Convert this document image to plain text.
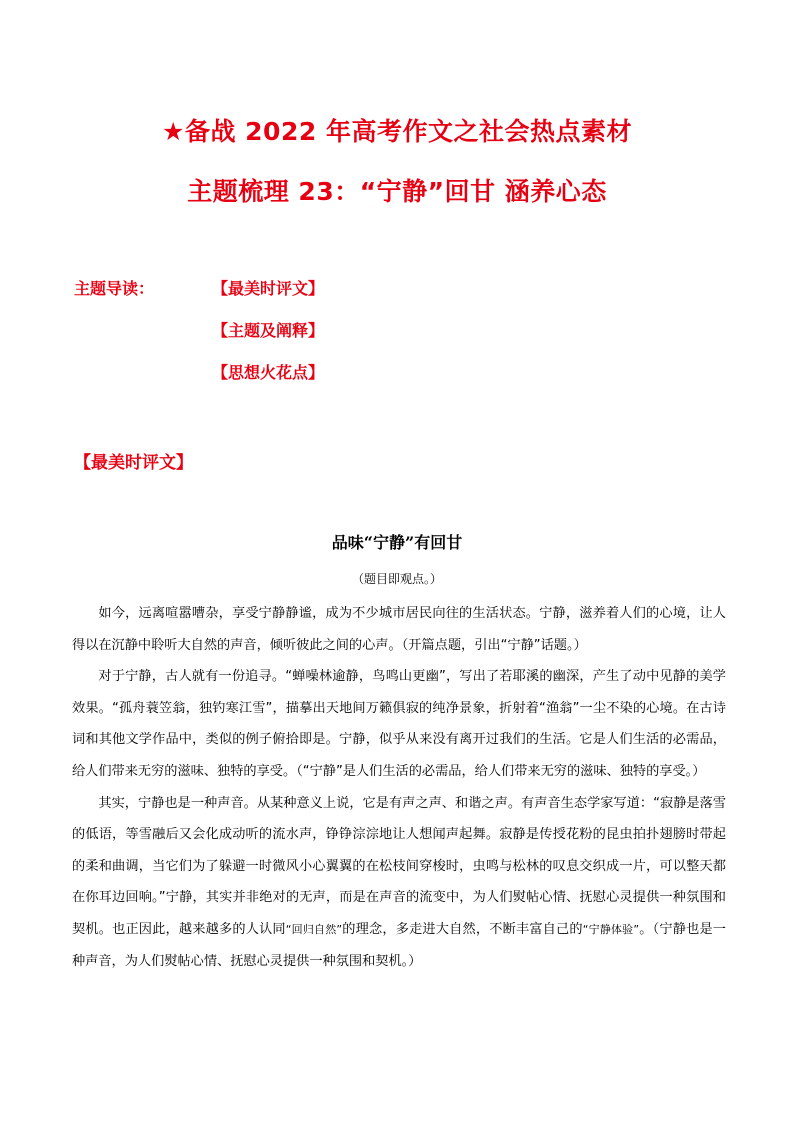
★备战 2022 年高考作文之社会热点素材
主题梳理 23：“宁静”回甘 涵养心态
主题导读：	【最美时评文】
【主题及阐释】
【思想火花点】
【最美时评文】
品味“宁静”有回甘
（题目即观点。）

如今，远离喧嚣嘈杂，享受宁静静谧，成为不少城市居民向往的生活状态。宁静，滋养着人们的心境，让人得以在沉静中聆听大自然的声音，倾听彼此之间的心声。（开篇点题，引出“宁静”话题。）

对于宁静，古人就有一份追寻。“蝉噪林逾静，鸟鸣山更幽”，写出了若耶溪的幽深，产生了动中见静的美学效果。“孤舟蓑笠翁，独钓寒江雪”，描摹出天地间万籁俱寂的纯净景象，折射着“渔翁”一尘不染的心境。在古诗词和其他文学作品中，类似的例子俯拾即是。宁静，似乎从来没有离开过我们的生活。它是人们生活的必需品，给人们带来无穷的滋味、独特的享受。（“宁静”是人们生活的必需品，给人们带来无穷的滋味、独特的享受。）

其实，宁静也是一种声音。从某种意义上说，它是有声之声、和谐之声。有声音生态学家写道：“寂静是落雪的低语，等雪融后又会化成动听的流水声，铮铮淙淙地让人想闻声起舞。寂静是传授花粉的昆虫拍扑翅膀时带起的柔和曲调，当它们为了躲避一时微风小心翼翼的在松枝间穿梭时，虫鸣与松林的叹息交织成一片，可以整天都在你耳边回响。”宁静，其实并非绝对的无声，而是在声音的流变中，为人们熨帖心情、抚慰心灵提供一种氛围和契机。也正因此，越来越多的人认同“回归自然”的理念，多走进大自然，不断丰富自己的“宁静体验”。（宁静也是一种声音，为人们熨帖心情、抚慰心灵提供一种氛围和契机。）
